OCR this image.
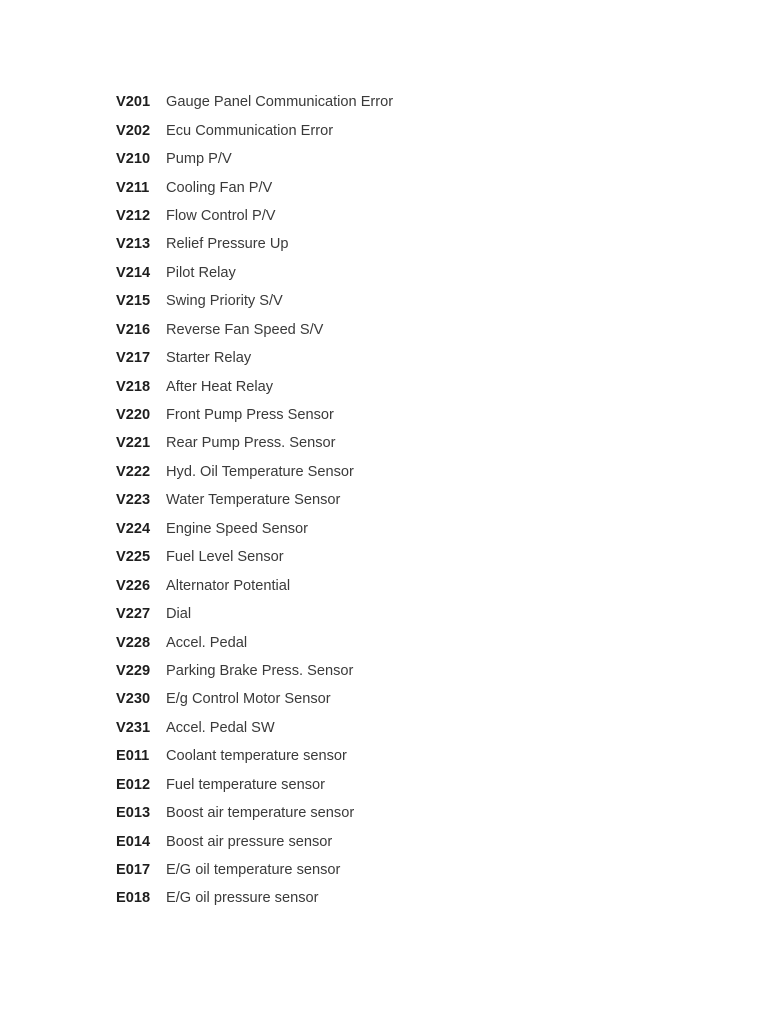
V201	Gauge Panel Communication Error
V202	Ecu Communication Error
V210	Pump P/V
V211	Cooling Fan P/V
V212	Flow Control P/V
V213	Relief Pressure Up
V214	Pilot Relay
V215	Swing Priority S/V
V216	Reverse Fan Speed S/V
V217	Starter Relay
V218	After Heat Relay
V220	Front Pump Press Sensor
V221	Rear Pump Press. Sensor
V222	Hyd. Oil Temperature Sensor
V223	Water Temperature Sensor
V224	Engine Speed Sensor
V225	Fuel Level Sensor
V226	Alternator Potential
V227	Dial
V228	Accel. Pedal
V229	Parking Brake Press. Sensor
V230	E/g Control Motor Sensor
V231	Accel. Pedal SW
E011	Coolant temperature sensor
E012	Fuel temperature sensor
E013	Boost air temperature sensor
E014	Boost air pressure sensor
E017	E/G oil temperature sensor
E018	E/G oil pressure sensor
